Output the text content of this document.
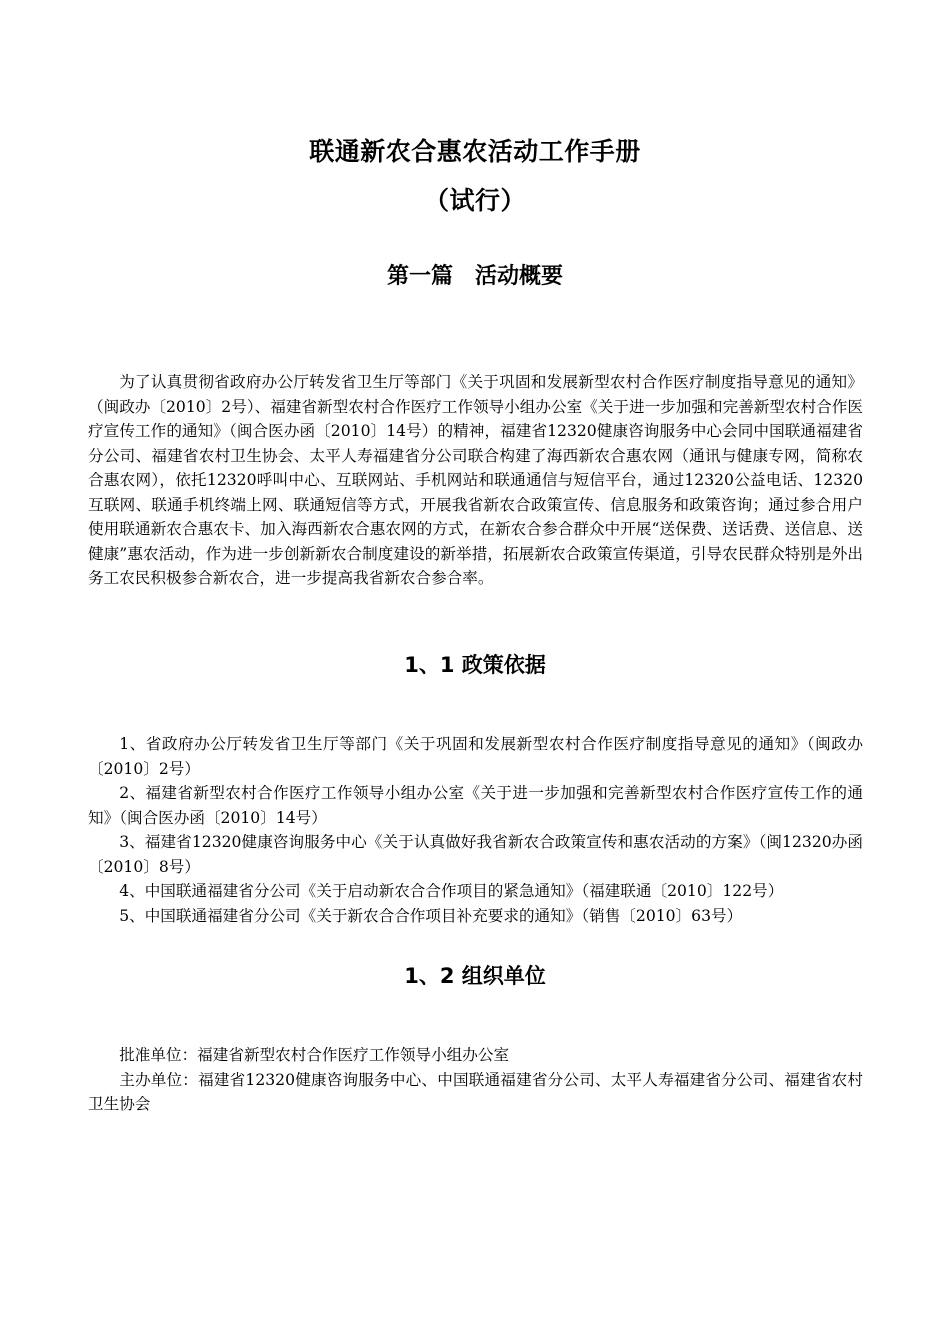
联通新农合惠农活动工作手册
（试行）
第一篇　活动概要

为了认真贯彻省政府办公厅转发省卫生厅等部门《关于巩固和发展新型农村合作医疗制度指导意见的通知》（闽政办〔2010〕2号）、福建省新型农村合作医疗工作领导小组办公室《关于进一步加强和完善新型农村合作医疗宣传工作的通知》（闽合医办函〔2010〕14号）的精神，福建省12320健康咨询服务中心会同中国联通福建省分公司、福建省农村卫生协会、太平人寿福建省分公司联合构建了海西新农合惠农网（通讯与健康专网，简称农合惠农网），依托12320呼叫中心、互联网站、手机网站和联通通信与短信平台，通过12320公益电话、12320互联网、联通手机终端上网、联通短信等方式，开展我省新农合政策宣传、信息服务和政策咨询；通过参合用户使用联通新农合惠农卡、加入海西新农合惠农网的方式，在新农合参合群众中开展“送保费、送话费、送信息、送健康”惠农活动，作为进一步创新新农合制度建设的新举措，拓展新农合政策宣传渠道，引导农民群众特别是外出务工农民积极参合新农合，进一步提高我省新农合参合率。

1、1 政策依据

1、省政府办公厅转发省卫生厅等部门《关于巩固和发展新型农村合作医疗制度指导意见的通知》（闽政办〔2010〕2号）

2、福建省新型农村合作医疗工作领导小组办公室《关于进一步加强和完善新型农村合作医疗宣传工作的通知》（闽合医办函〔2010〕14号）

3、福建省12320健康咨询服务中心《关于认真做好我省新农合政策宣传和惠农活动的方案》（闽12320办函〔2010〕8号）

4、中国联通福建省分公司《关于启动新农合合作项目的紧急通知》（福建联通〔2010〕122号）

5、中国联通福建省分公司《关于新农合合作项目补充要求的通知》（销售〔2010〕63号）

1、2 组织单位

批准单位：福建省新型农村合作医疗工作领导小组办公室

主办单位：福建省12320健康咨询服务中心、中国联通福建省分公司、太平人寿福建省分公司、福建省农村卫生协会
